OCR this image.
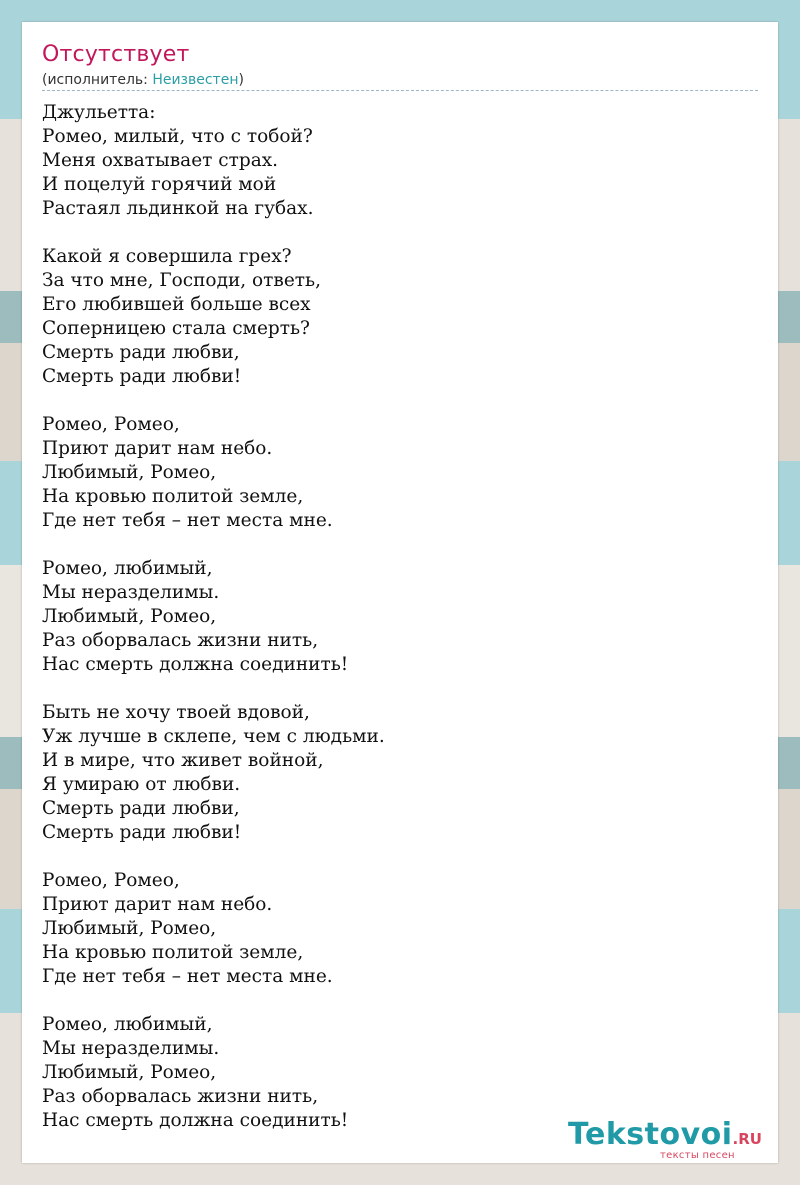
Отсутствует
(исполнитель: Неизвестен)
Джульетта:
Ромео, милый, что с тобой?
Меня охватывает страх.
И поцелуй горячий мой
Растаял льдинкой на губах.
Какой я совершила грех?
За что мне, Господи, ответь,
Его любившей больше всех
Соперницею стала смерть?
Смерть ради любви,
Смерть ради любви!
Ромео, Ромео,
Приют дарит нам небо.
Любимый, Ромео,
На кровью политой земле,
Где нет тебя – нет места мне.
Ромео, любимый,
Мы неразделимы.
Любимый, Ромео,
Раз оборвалась жизни нить,
Нас смерть должна соединить!
Быть не хочу твоей вдовой,
Уж лучше в склепе, чем с людьми.
И в мире, что живет войной,
Я умираю от любви.
Смерть ради любви,
Смерть ради любви!
Ромео, Ромео,
Приют дарит нам небо.
Любимый, Ромео,
На кровью политой земле,
Где нет тебя – нет места мне.
Ромео, любимый,
Мы неразделимы.
Любимый, Ромео,
Раз оборвалась жизни нить,
Нас смерть должна соединить!	Tekstovoi.RU
тексты песен
